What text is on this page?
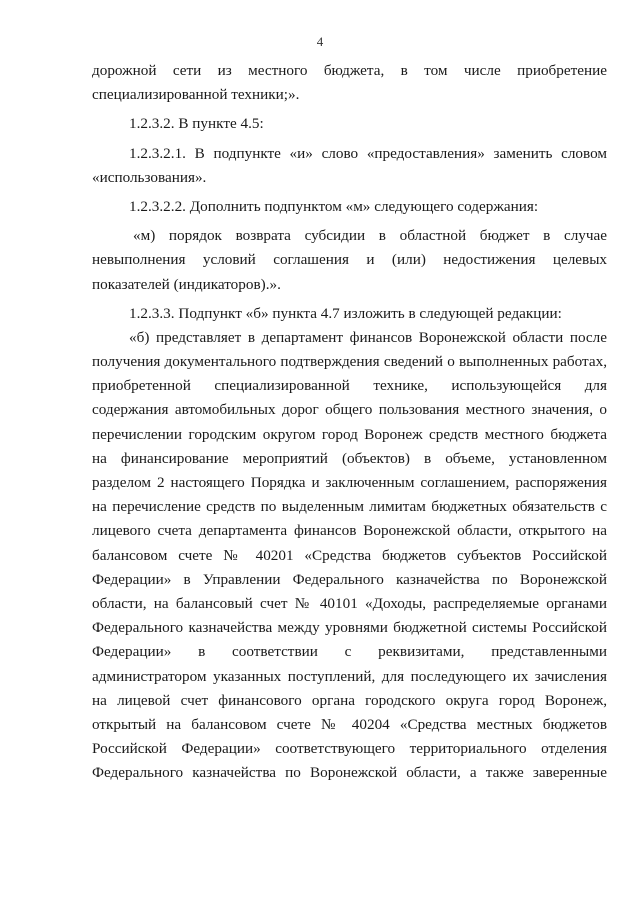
4
дорожной сети из местного бюджета, в том числе приобретение
специализированной техники;».
1.2.3.2. В пункте 4.5:
1.2.3.2.1. В подпункте «и» слово «предоставления» заменить словом
«использования».
1.2.3.2.2. Дополнить подпунктом «м» следующего содержания:
«м) порядок возврата субсидии в областной бюджет в случае
невыполнения условий соглашения и (или) недостижения целевых
показателей (индикаторов).».
1.2.3.3. Подпункт «б» пункта 4.7 изложить в следующей редакции:
«б) представляет в департамент финансов Воронежской области после
получения документального подтверждения сведений о выполненных работах,
приобретенной специализированной технике, использующейся для
содержания автомобильных дорог общего пользования местного значения, о
перечислении городским округом город Воронеж средств местного бюджета
на финансирование мероприятий (объектов) в объеме, установленном
разделом 2 настоящего Порядка и заключенным соглашением, распоряжения
на перечисление средств по выделенным лимитам бюджетных обязательств с
лицевого счета департамента финансов Воронежской области, открытого на
балансовом счете № 40201 «Средства бюджетов субъектов Российской
Федерации» в Управлении Федерального казначейства по Воронежской
области, на балансовый счет № 40101 «Доходы, распределяемые органами
Федерального казначейства между уровнями бюджетной системы Российской
Федерации» в соответствии с реквизитами, представленными
администратором указанных поступлений, для последующего их зачисления
на лицевой счет финансового органа городского округа город Воронеж,
открытый на балансовом счете № 40204 «Средства местных бюджетов
Российской Федерации» соответствующего территориального отделения
Федерального казначейства по Воронежской области, а также заверенные
